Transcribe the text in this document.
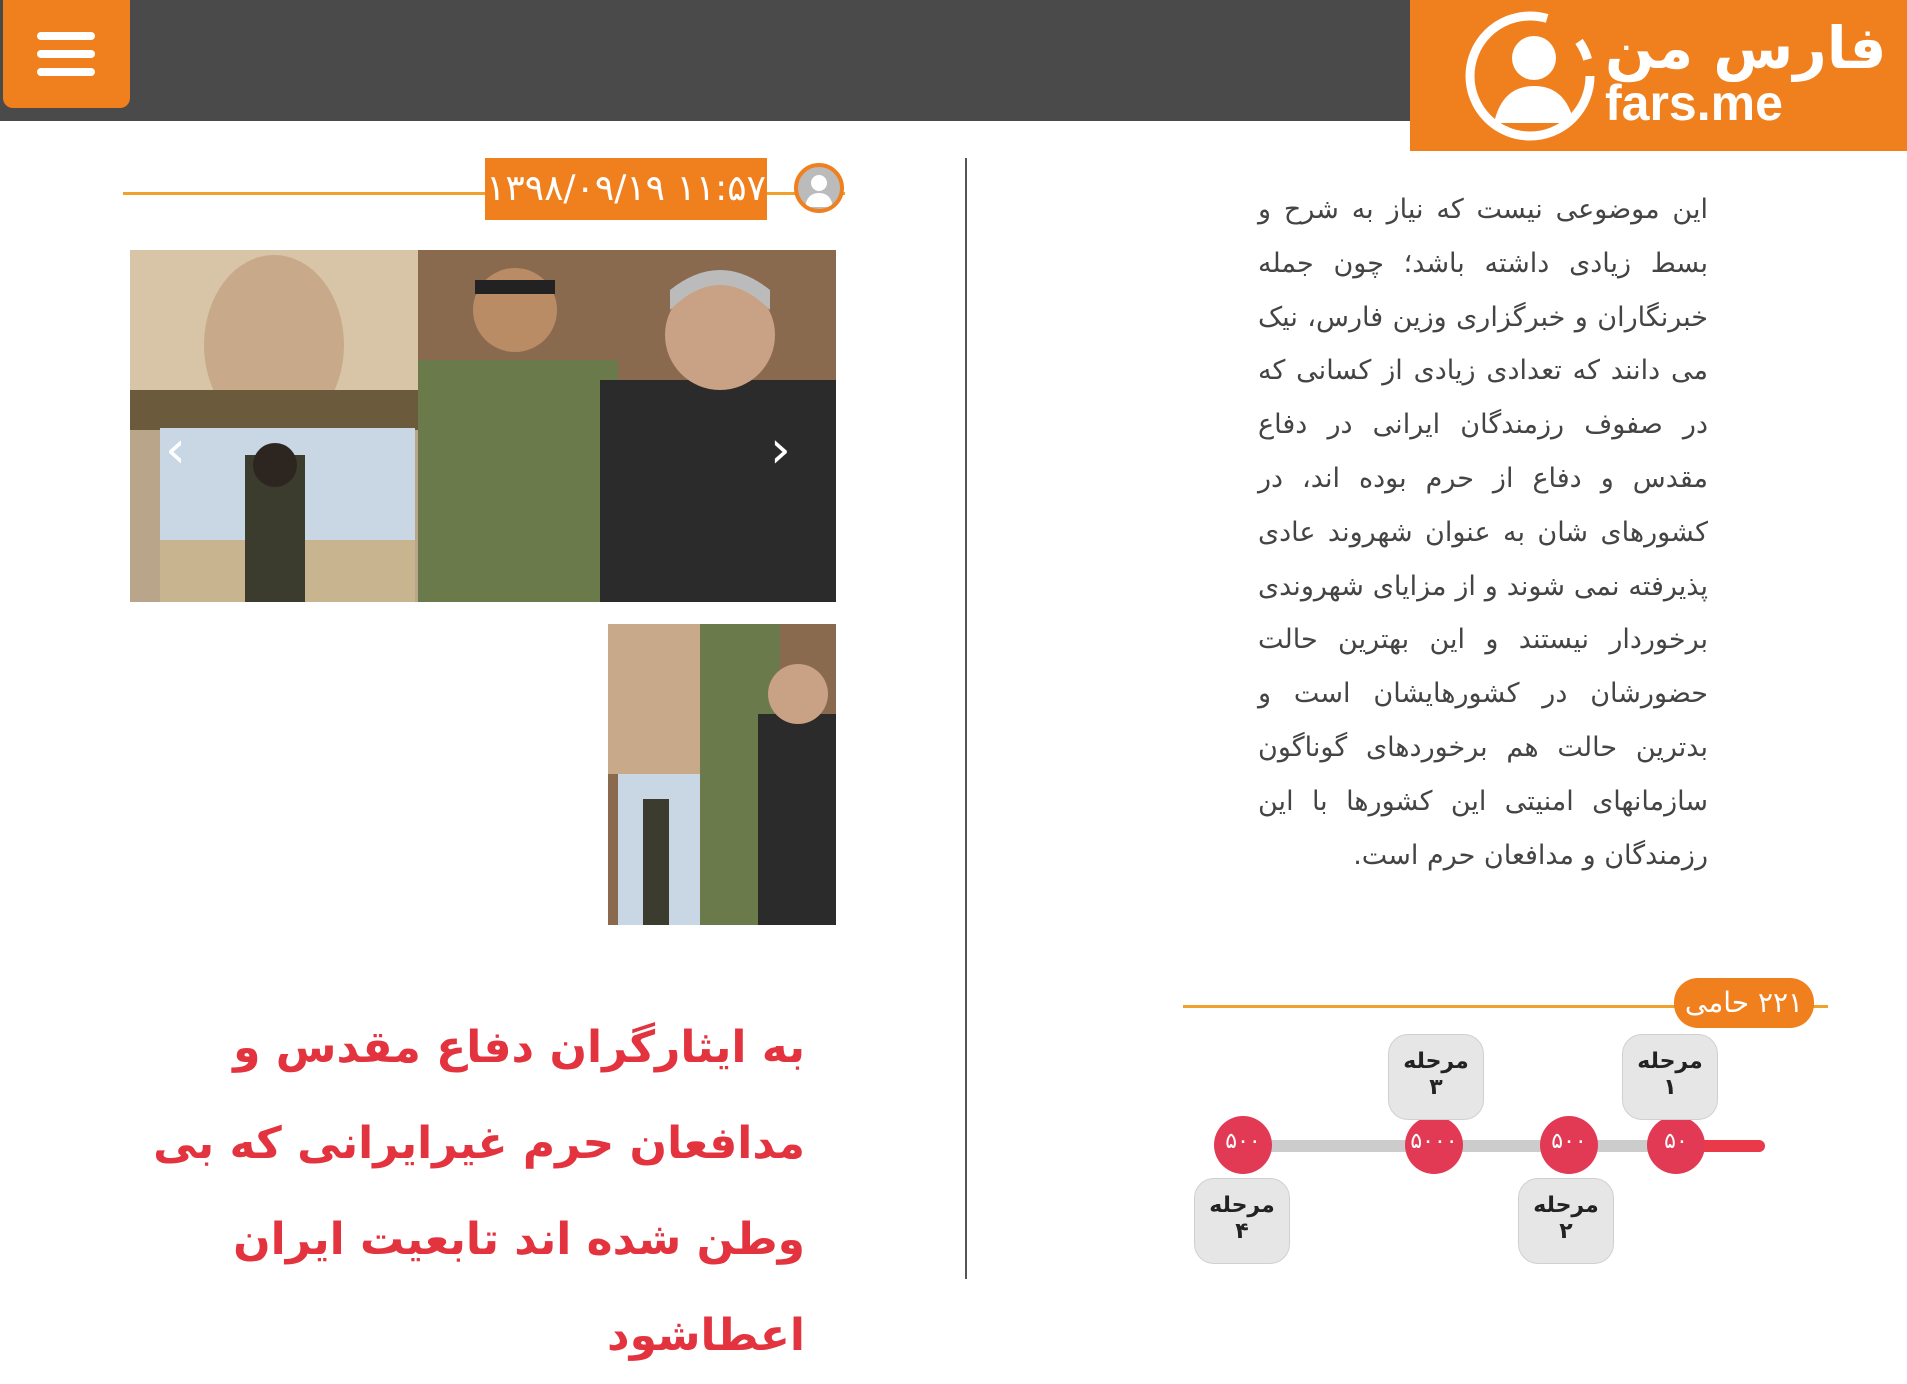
فارس من
fars.me
۱۳۹۸/۰۹/۱۹ ۱۱:۵۷
‹	›
به ایثارگران دفاع مقدس و مدافعان حرم غیرایرانی که بی وطن شده اند تابعیت ایران اعطاشود
این موضوعی نیست که نیاز به شرح و بسط زیادی داشته باشد؛ چون جمله خبرنگاران و خبرگزاری وزین فارس، نیک می دانند که تعدادی زیادی از کسانی که در صفوف رزمندگان ایرانی در دفاع مقدس و دفاع از حرم بوده اند، در کشورهای شان به عنوان شهروند عادی پذیرفته نمی شوند و از مزایای شهروندی برخوردار نیستند و این بهترین حالت حضورشان در کشورهایشان است و بدترین حالت هم برخوردهای گوناگون سازمانهای امنیتی این کشورها با این رزمندگان و مدافعان حرم است.
۲۲۱ حامی
۵۰
۵۰۰
۵۰۰۰
۵۰۰
مرحله
۱
مرحله
۳
مرحله
۲
مرحله
۴
